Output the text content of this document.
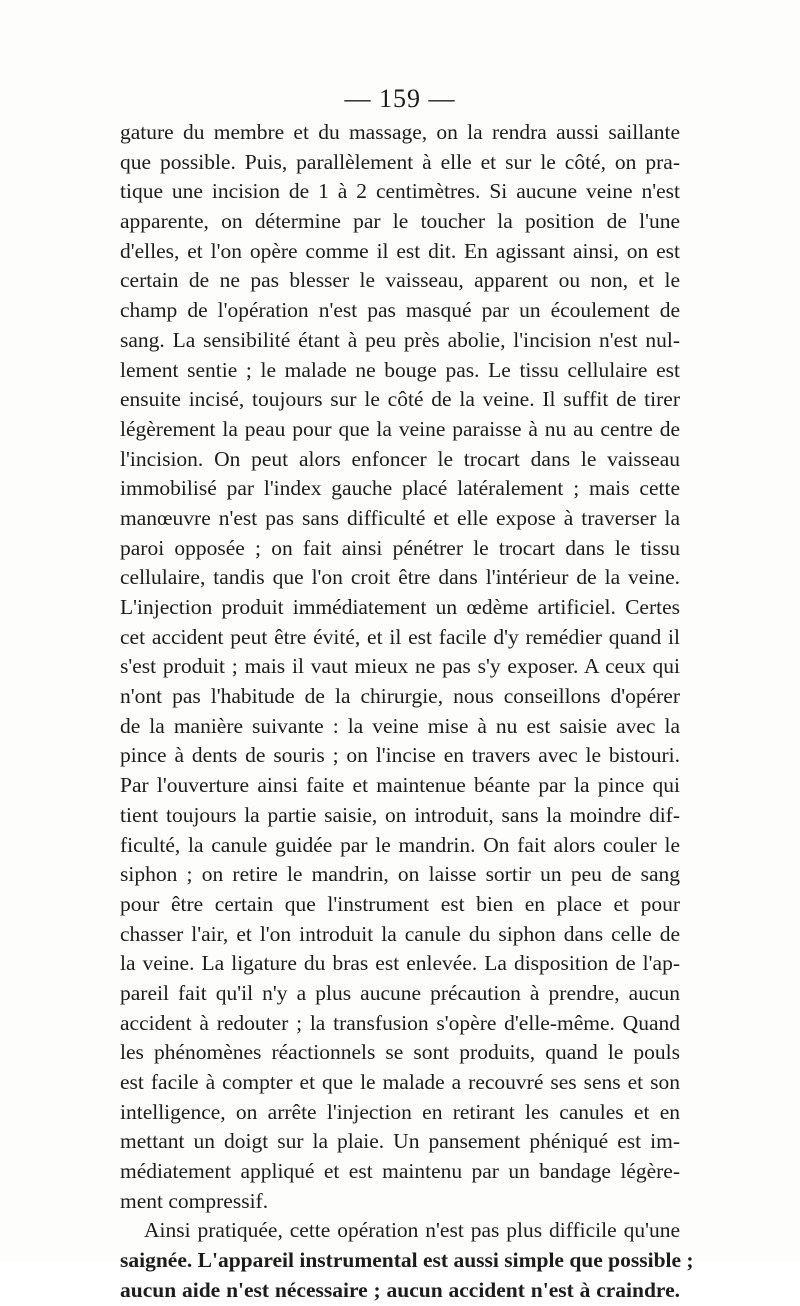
— 159 —
gature du membre et du massage, on la rendra aussi saillante
que possible. Puis, parallèlement à elle et sur le côté, on pra-
tique une incision de 1 à 2 centimètres. Si aucune veine n'est
apparente, on détermine par le toucher la position de l'une
d'elles, et l'on opère comme il est dit. En agissant ainsi, on est
certain de ne pas blesser le vaisseau, apparent ou non, et le
champ de l'opération n'est pas masqué par un écoulement de
sang. La sensibilité étant à peu près abolie, l'incision n'est nul-
lement sentie ; le malade ne bouge pas. Le tissu cellulaire est
ensuite incisé, toujours sur le côté de la veine. Il suffit de tirer
légèrement la peau pour que la veine paraisse à nu au centre de
l'incision. On peut alors enfoncer le trocart dans le vaisseau
immobilisé par l'index gauche placé latéralement ; mais cette
manœuvre n'est pas sans difficulté et elle expose à traverser la
paroi opposée ; on fait ainsi pénétrer le trocart dans le tissu
cellulaire, tandis que l'on croit être dans l'intérieur de la veine.
L'injection produit immédiatement un œdème artificiel. Certes
cet accident peut être évité, et il est facile d'y remédier quand il
s'est produit ; mais il vaut mieux ne pas s'y exposer. A ceux qui
n'ont pas l'habitude de la chirurgie, nous conseillons d'opérer
de la manière suivante : la veine mise à nu est saisie avec la
pince à dents de souris ; on l'incise en travers avec le bistouri.
Par l'ouverture ainsi faite et maintenue béante par la pince qui
tient toujours la partie saisie, on introduit, sans la moindre dif-
ficulté, la canule guidée par le mandrin. On fait alors couler le
siphon ; on retire le mandrin, on laisse sortir un peu de sang
pour être certain que l'instrument est bien en place et pour
chasser l'air, et l'on introduit la canule du siphon dans celle de
la veine. La ligature du bras est enlevée. La disposition de l'ap-
pareil fait qu'il n'y a plus aucune précaution à prendre, aucun
accident à redouter ; la transfusion s'opère d'elle-même. Quand
les phénomènes réactionnels se sont produits, quand le pouls
est facile à compter et que le malade a recouvré ses sens et son
intelligence, on arrête l'injection en retirant les canules et en
mettant un doigt sur la plaie. Un pansement phéniqué est im-
médiatement appliqué et est maintenu par un bandage légère-
ment compressif.
Ainsi pratiquée, cette opération n'est pas plus difficile qu'une
saignée. L'appareil instrumental est aussi simple que possible ;
aucun aide n'est nécessaire ; aucun accident n'est à craindre.
